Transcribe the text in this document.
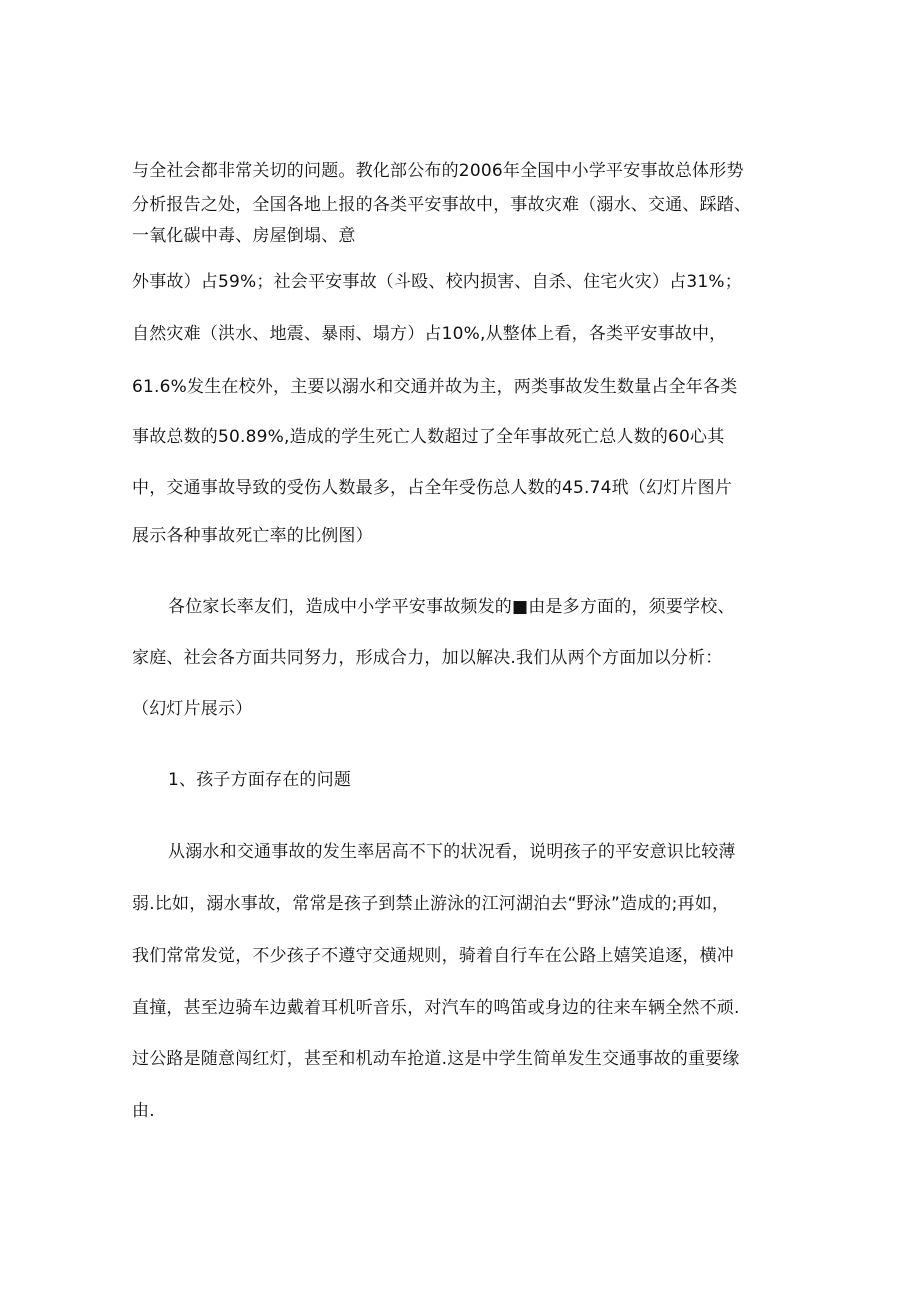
与全社会都非常关切的问题。教化部公布的2006年全国中小学平安事故总体形势
分析报告之处，全国各地上报的各类平安事故中，事故灾难（溺水、交通、踩踏、
一氧化碳中毒、房屋倒塌、意
外事故）占59%；社会平安事故（斗殴、校内损害、自杀、住宅火灾）占31%；
自然灾难（洪水、地震、暴雨、塌方）占10%,从整体上看，各类平安事故中，
61.6%发生在校外，主要以溺水和交通并故为主，两类事故发生数量占全年各类
事故总数的50.89%,造成的学生死亡人数超过了全年事故死亡总人数的60心其
中，交通事故导致的受伤人数最多，占全年受伤总人数的45.74玳（幻灯片图片
展示各种事故死亡率的比例图）
各位家长率友们，造成中小学平安事故频发的■由是多方面的，须要学校、
家庭、社会各方面共同努力，形成合力，加以解决.我们从两个方面加以分析：
（幻灯片展示）
1、孩子方面存在的问题
从溺水和交通事故的发生率居高不下的状况看，说明孩子的平安意识比较薄
弱.比如，溺水事故，常常是孩子到禁止游泳的江河湖泊去“野泳”造成的;再如，
我们常常发觉，不少孩子不遵守交通规则，骑着自行车在公路上嬉笑追逐，横冲
直撞，甚至边骑车边戴着耳机听音乐，对汽车的鸣笛或身边的往来车辆全然不顽.
过公路是随意闯红灯，甚至和机动车抢道.这是中学生简单发生交通事故的重要缘
由.
